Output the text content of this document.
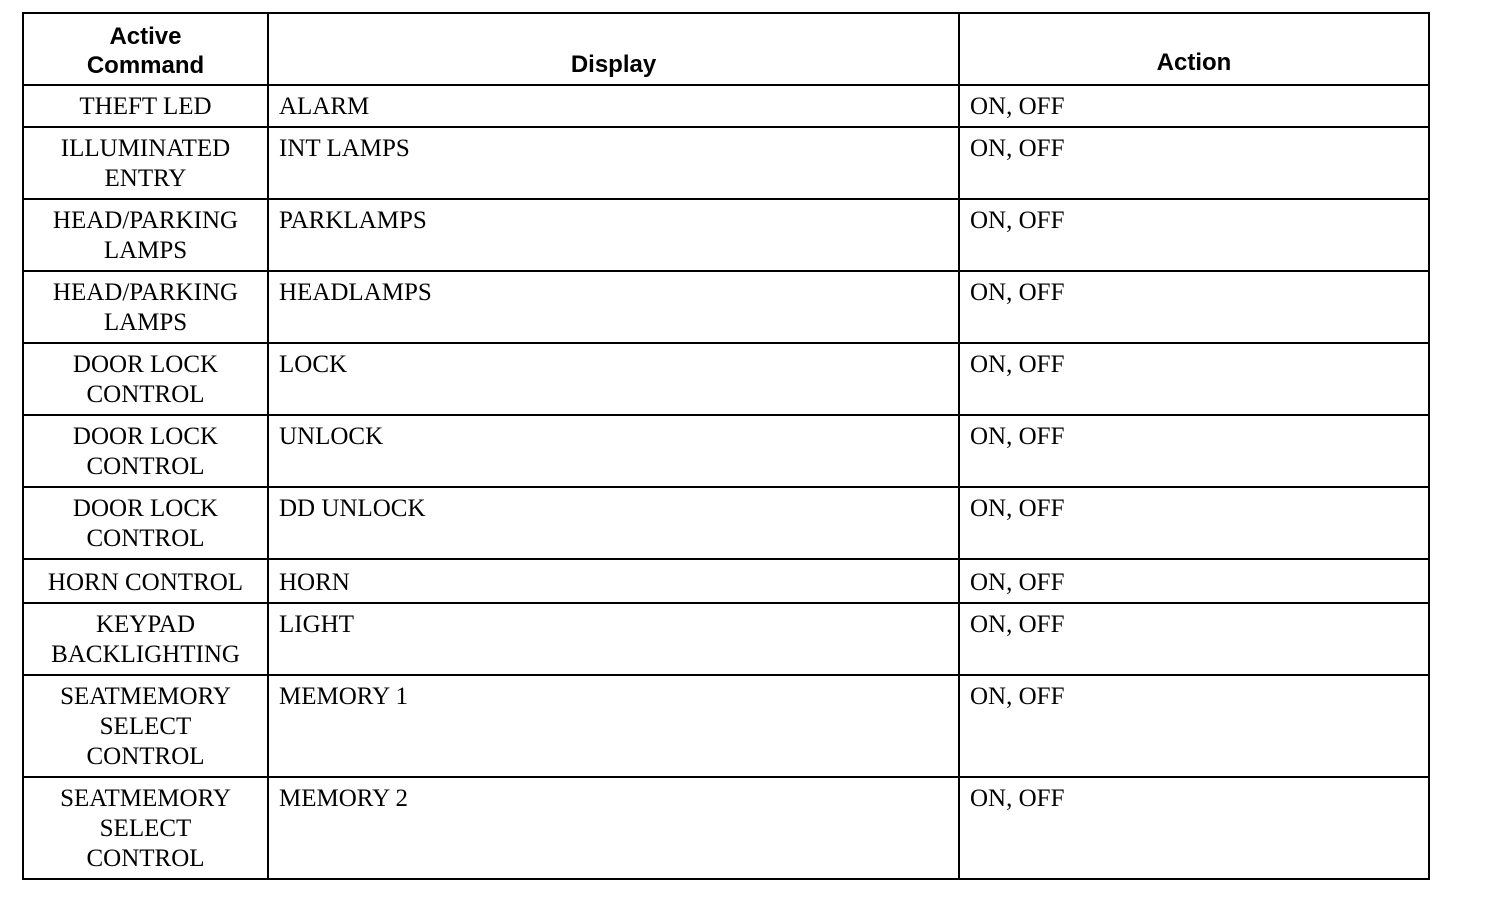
Active
Command	Display	Action

THEFT LED	ALARM	ON, OFF

ILLUMINATED
ENTRY	INT LAMPS	ON, OFF

HEAD/PARKING
LAMPS	PARKLAMPS	ON, OFF

HEAD/PARKING
LAMPS	HEADLAMPS	ON, OFF

DOOR LOCK
CONTROL	LOCK	ON, OFF

DOOR LOCK
CONTROL	UNLOCK	ON, OFF

DOOR LOCK
CONTROL	DD UNLOCK	ON, OFF

HORN CONTROL	HORN	ON, OFF

KEYPAD
BACKLIGHTING	LIGHT	ON, OFF

SEATMEMORY
SELECT
CONTROL	MEMORY 1	ON, OFF

SEATMEMORY
SELECT
CONTROL	MEMORY 2	ON, OFF
